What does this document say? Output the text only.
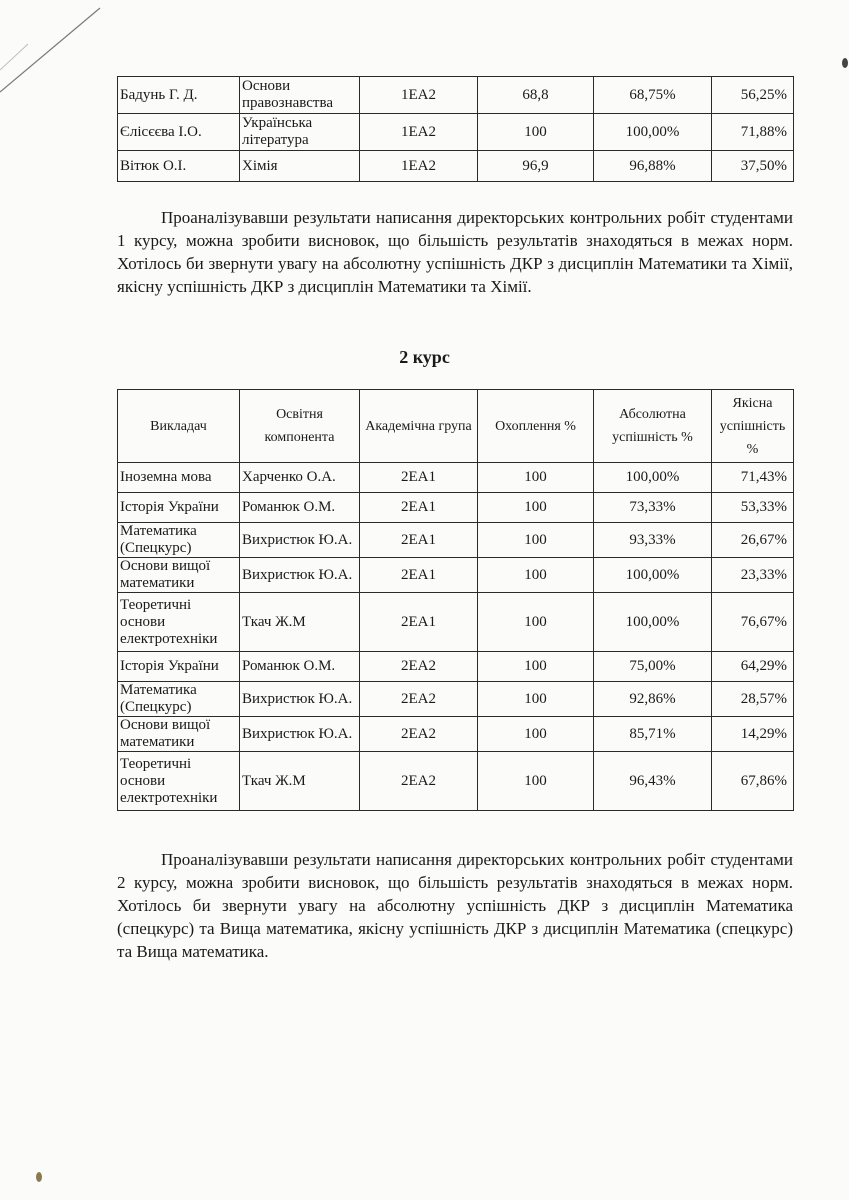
Бадунь Г. Д.	Основи правознавства	1ЕА2	68,8	68,75%	56,25%
Єлісєєва І.О.	Українська література	1ЕА2	100	100,00%	71,88%
Вітюк О.І.	Хімія	1ЕА2	96,9	96,88%	37,50%

Проаналізувавши результати написання директорських контрольних робіт студентами 1 курсу, можна зробити висновок, що більшість результатів знаходяться в межах норм. Хотілось би звернути увагу на абсолютну успішність ДКР з дисциплін Математики та Хімії, якісну успішність ДКР з дисциплін Математики та Хімії.

2 курс
Викладач	Освітня компонента	Академічна група	Охоплення %	Абсолютна успішність %	Якісна успішність %
Іноземна мова	Харченко О.А.	2ЕА1	100	100,00%	71,43%
Історія України	Романюк О.М.	2ЕА1	100	73,33%	53,33%
Математика (Спецкурс)	Вихристюк Ю.А.	2ЕА1	100	93,33%	26,67%
Основи вищої математики	Вихристюк Ю.А.	2ЕА1	100	100,00%	23,33%
Теоретичні основи електротехніки	Ткач Ж.М	2ЕА1	100	100,00%	76,67%
Історія України	Романюк О.М.	2ЕА2	100	75,00%	64,29%
Математика (Спецкурс)	Вихристюк Ю.А.	2ЕА2	100	92,86%	28,57%
Основи вищої математики	Вихристюк Ю.А.	2ЕА2	100	85,71%	14,29%
Теоретичні основи електротехніки	Ткач Ж.М	2ЕА2	100	96,43%	67,86%

Проаналізувавши результати написання директорських контрольних робіт студентами 2 курсу, можна зробити висновок, що більшість результатів знаходяться в межах норм. Хотілось би звернути увагу на абсолютну успішність ДКР з дисциплін Математика (спецкурс) та Вища математика, якісну успішність ДКР з дисциплін Математика (спецкурс) та Вища математика.
